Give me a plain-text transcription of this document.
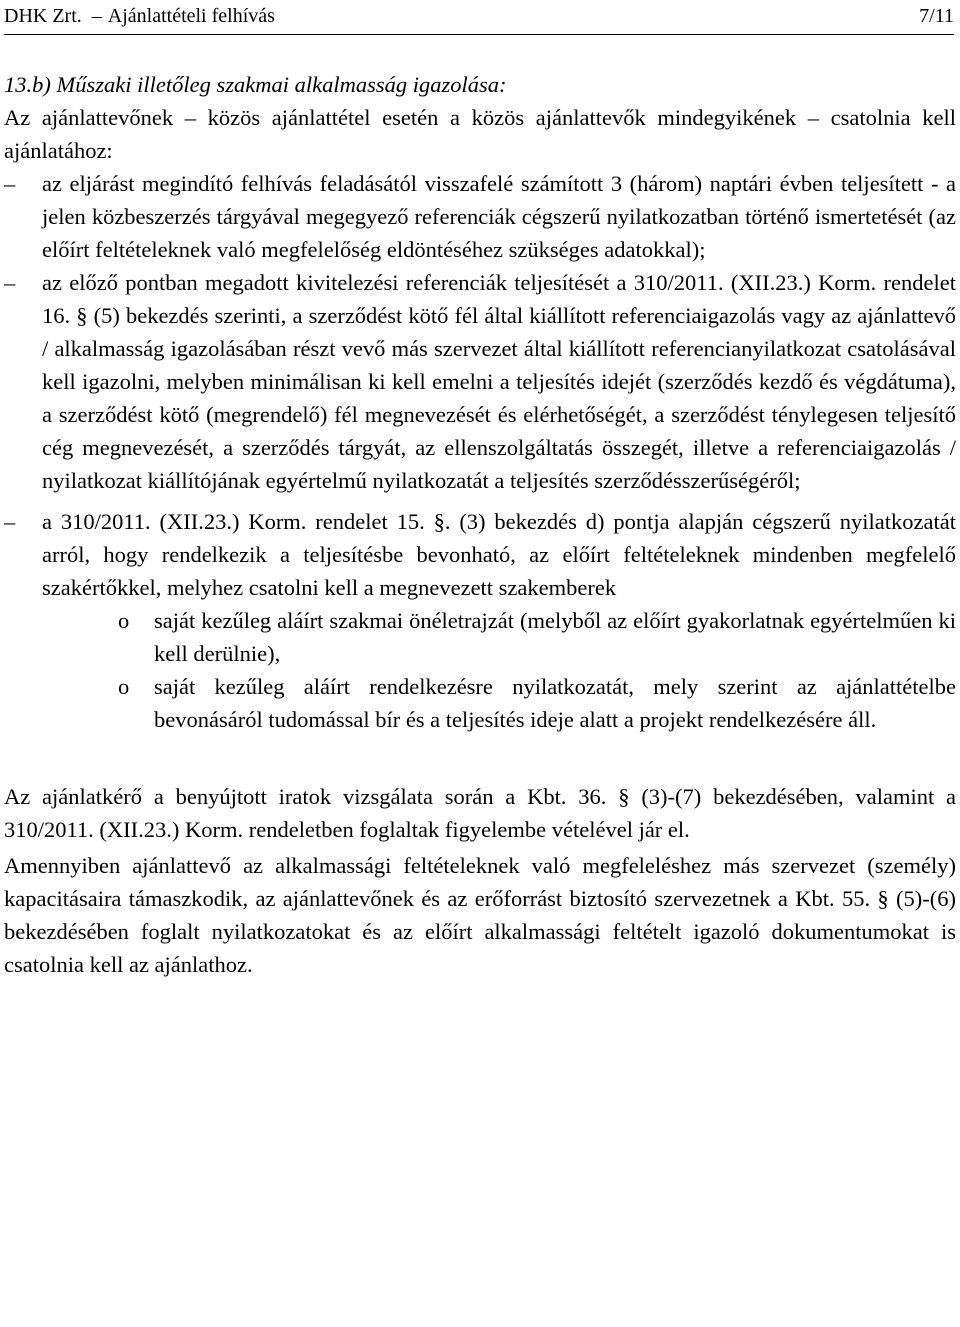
DHK Zrt. – Ajánlattételi felhívás	7/11

13.b) Műszaki illetőleg szakmai alkalmasság igazolása:

Az ajánlattevőnek – közös ajánlattétel esetén a közös ajánlattevők mindegyikének – csatolnia kell ajánlatához:

–	az eljárást megindító felhívás feladásától visszafelé számított 3 (három) naptári évben teljesített - a jelen közbeszerzés tárgyával megegyező referenciák cégszerű nyilatkozatban történő ismertetését (az előírt feltételeknek való megfelelőség eldöntéséhez szükséges adatokkal);
–	az előző pontban megadott kivitelezési referenciák teljesítését a 310/2011. (XII.23.) Korm. rendelet 16. § (5) bekezdés szerinti, a szerződést kötő fél által kiállított referenciaigazolás vagy az ajánlattevő / alkalmasság igazolásában részt vevő más szervezet által kiállított referencianyilatkozat csatolásával kell igazolni, melyben minimálisan ki kell emelni a teljesítés idejét (szerződés kezdő és végdátuma), a szerződést kötő (megrendelő) fél megnevezését és elérhetőségét, a szerződést ténylegesen teljesítő cég megnevezését, a szerződés tárgyát, az ellenszolgáltatás összegét, illetve a referenciaigazolás / nyilatkozat kiállítójának egyértelmű nyilatkozatát a teljesítés szerződésszerűségéről;
–	a 310/2011. (XII.23.) Korm. rendelet 15. §. (3) bekezdés d) pontja alapján cégszerű nyilatkozatát arról, hogy rendelkezik a teljesítésbe bevonható, az előírt feltételeknek mindenben megfelelő szakértőkkel, melyhez csatolni kell a megnevezett szakemberek
o saját kezűleg aláírt szakmai önéletrajzát (melyből az előírt gyakorlatnak egyértelműen ki kell derülnie),
o saját kezűleg aláírt rendelkezésre nyilatkozatát, mely szerint az ajánlattételbe bevonásáról tudomással bír és a teljesítés ideje alatt a projekt rendelkezésére áll.

Az ajánlatkérő a benyújtott iratok vizsgálata során a Kbt. 36. § (3)-(7) bekezdésében, valamint a 310/2011. (XII.23.) Korm. rendeletben foglaltak figyelembe vételével jár el.

Amennyiben ajánlattevő az alkalmassági feltételeknek való megfeleléshez más szervezet (személy) kapacitásaira támaszkodik, az ajánlattevőnek és az erőforrást biztosító szervezetnek a Kbt. 55. § (5)-(6) bekezdésében foglalt nyilatkozatokat és az előírt alkalmassági feltételt igazoló dokumentumokat is csatolnia kell az ajánlathoz.
